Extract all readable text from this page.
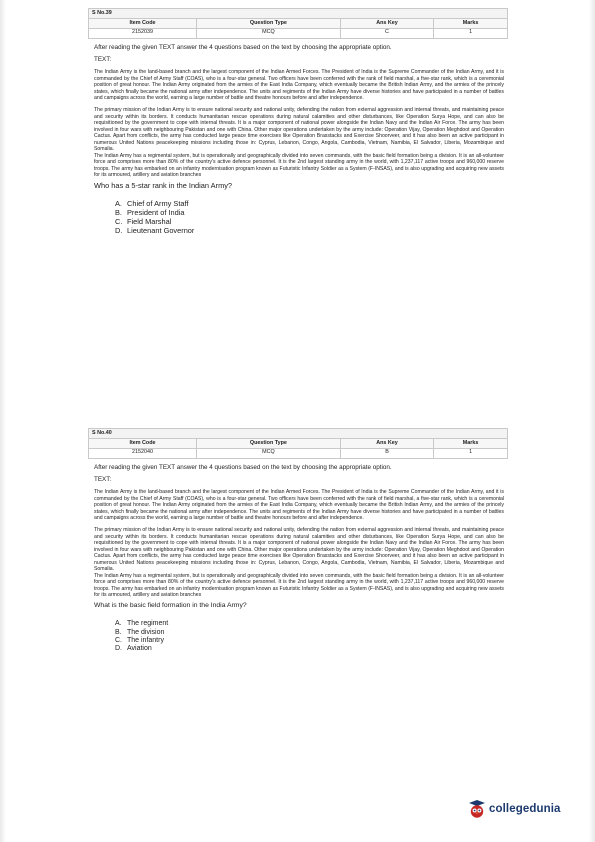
S No.39			
Item Code	Question Type	Ans Key	Marks
2152039	MCQ	C	1
After reading the given TEXT answer the 4 questions based on the text by choosing the appropriate option.
TEXT:
The Indian Army is the land-based branch and the largest component of the Indian Armed Forces. The President of India is the Supreme Commander of the Indian Army, and it is commanded by the Chief of Army Staff (COAS), who is a four-star general. Two officers have been conferred with the rank of field marshal, a five-star rank, which is a ceremonial position of great honour. The Indian Army originated from the armies of the East India Company, which eventually became the British Indian Army, and the armies of the princely states, which finally became the national army after independence. The units and regiments of the Indian Army have diverse histories and have participated in a number of battles and campaigns across the world, earning a large number of battle and theatre honours before and after independence.
The primary mission of the Indian Army is to ensure national security and national unity, defending the nation from external aggression and internal threats, and maintaining peace and security within its borders. It conducts humanitarian rescue operations during natural calamities and other disturbances, like Operation Surya Hope, and can also be requisitioned by the government to cope with internal threats. It is a major component of national power alongside the Indian Navy and the Indian Air Force. The army has been involved in four wars with neighbouring Pakistan and one with China. Other major operations undertaken by the army include: Operation Vijay, Operation Meghdoot and Operation Cactus. Apart from conflicts, the army has conducted large peace time exercises like Operation Brasstacks and Exercise Shoorveer, and it has also been an active participant in numerous United Nations peacekeeping missions including those in: Cyprus, Lebanon, Congo, Angola, Cambodia, Vietnam, Namibia, El Salvador, Liberia, Mozambique and Somalia.
The Indian Army has a regimental system, but is operationally and geographically divided into seven commands, with the basic field formation being a division. It is an all-volunteer force and comprises more than 80% of the country's active defence personnel. It is the 2nd largest standing army in the world, with 1,237,117 active troops and 960,000 reserve troops. The army has embarked on an infantry modernisation program known as Futuristic Infantry Soldier as a System (F-INSAS), and is also upgrading and acquiring new assets for its armoured, artillery and aviation branches
Who has a 5-star rank in the Indian Army?
A. Chief of Army Staff
B. President of India
C. Field Marshal
D. Lieutenant Governor
S No.40			
Item Code	Question Type	Ans Key	Marks
2152040	MCQ	B	1
After reading the given TEXT answer the 4 questions based on the text by choosing the appropriate option.
TEXT:
The Indian Army is the land-based branch and the largest component of the Indian Armed Forces. The President of India is the Supreme Commander of the Indian Army, and it is commanded by the Chief of Army Staff (COAS), who is a four-star general. Two officers have been conferred with the rank of field marshal, a five-star rank, which is a ceremonial position of great honour. The Indian Army originated from the armies of the East India Company, which eventually became the British Indian Army, and the armies of the princely states, which finally became the national army after independence. The units and regiments of the Indian Army have diverse histories and have participated in a number of battles and campaigns across the world, earning a large number of battle and theatre honours before and after independence.
The primary mission of the Indian Army is to ensure national security and national unity, defending the nation from external aggression and internal threats, and maintaining peace and security within its borders. It conducts humanitarian rescue operations during natural calamities and other disturbances, like Operation Surya Hope, and can also be requisitioned by the government to cope with internal threats. It is a major component of national power alongside the Indian Navy and the Indian Air Force. The army has been involved in four wars with neighbouring Pakistan and one with China. Other major operations undertaken by the army include: Operation Vijay, Operation Meghdoot and Operation Cactus. Apart from conflicts, the army has conducted large peace time exercises like Operation Brasstacks and Exercise Shoorveer, and it has also been an active participant in numerous United Nations peacekeeping missions including those in: Cyprus, Lebanon, Congo, Angola, Cambodia, Vietnam, Namibia, El Salvador, Liberia, Mozambique and Somalia.
The Indian Army has a regimental system, but is operationally and geographically divided into seven commands, with the basic field formation being a division. It is an all-volunteer force and comprises more than 80% of the country's active defence personnel. It is the 2nd largest standing army in the world, with 1,237,117 active troops and 960,000 reserve troops. The army has embarked on an infantry modernisation program known as Futuristic Infantry Soldier as a System (F-INSAS), and is also upgrading and acquiring new assets for its armoured, artillery and aviation branches
What is the basic field formation in the India Army?
A. The regiment
B. The division
C. The infantry
D. Aviation
collegedunia
